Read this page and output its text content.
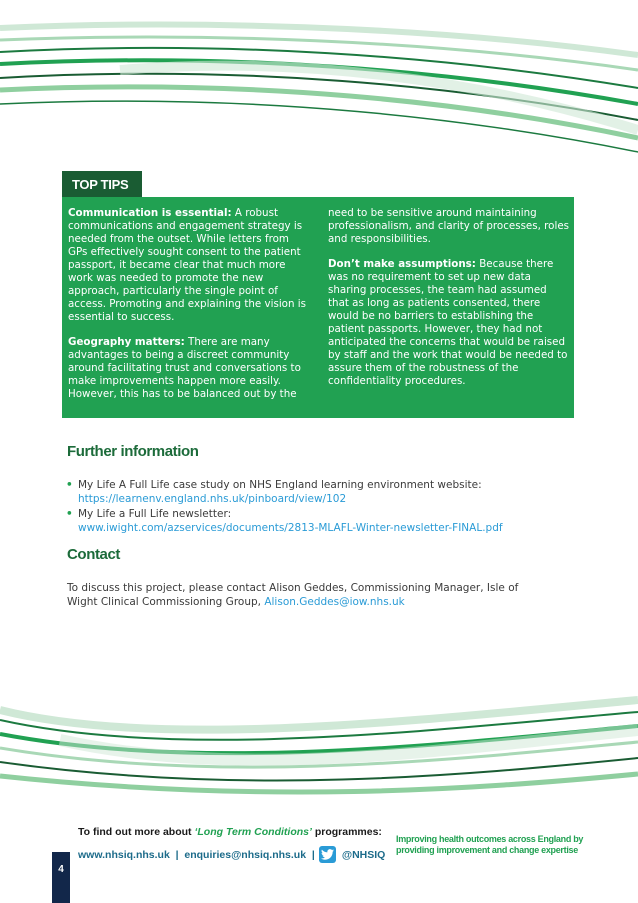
TOP TIPS

Communication is essential: A robust communications and engagement strategy is needed from the outset. While letters from GPs effectively sought consent to the patient passport, it became clear that much more work was needed to promote the new approach, particularly the single point of access. Promoting and explaining the vision is essential to success.

Geography matters: There are many advantages to being a discreet community around facilitating trust and conversations to make improvements happen more easily. However, this has to be balanced out by the

need to be sensitive around maintaining professionalism, and clarity of processes, roles and responsibilities.

Don’t make assumptions: Because there was no requirement to set up new data sharing processes, the team had assumed that as long as patients consented, there would be no barriers to establishing the patient passports. However, they had not anticipated the concerns that would be raised by staff and the work that would be needed to assure them of the robustness of the confidentiality procedures.

Further information
• My Life A Full Life case study on NHS England learning environment website:
https://learnenv.england.nhs.uk/pinboard/view/102
• My Life a Full Life newsletter:
www.iwight.com/azservices/documents/2813-MLAFL-Winter-newsletter-FINAL.pdf
Contact

To discuss this project, please contact Alison Geddes, Commissioning Manager, Isle of Wight Clinical Commissioning Group, Alison.Geddes@iow.nhs.uk

To find out more about ‘Long Term Conditions’ programmes:
www.nhsiq.nhs.uk  |  enquiries@nhsiq.nhs.uk  |	@NHSIQ
Improving health outcomes across England by providing improvement and change expertise
4
